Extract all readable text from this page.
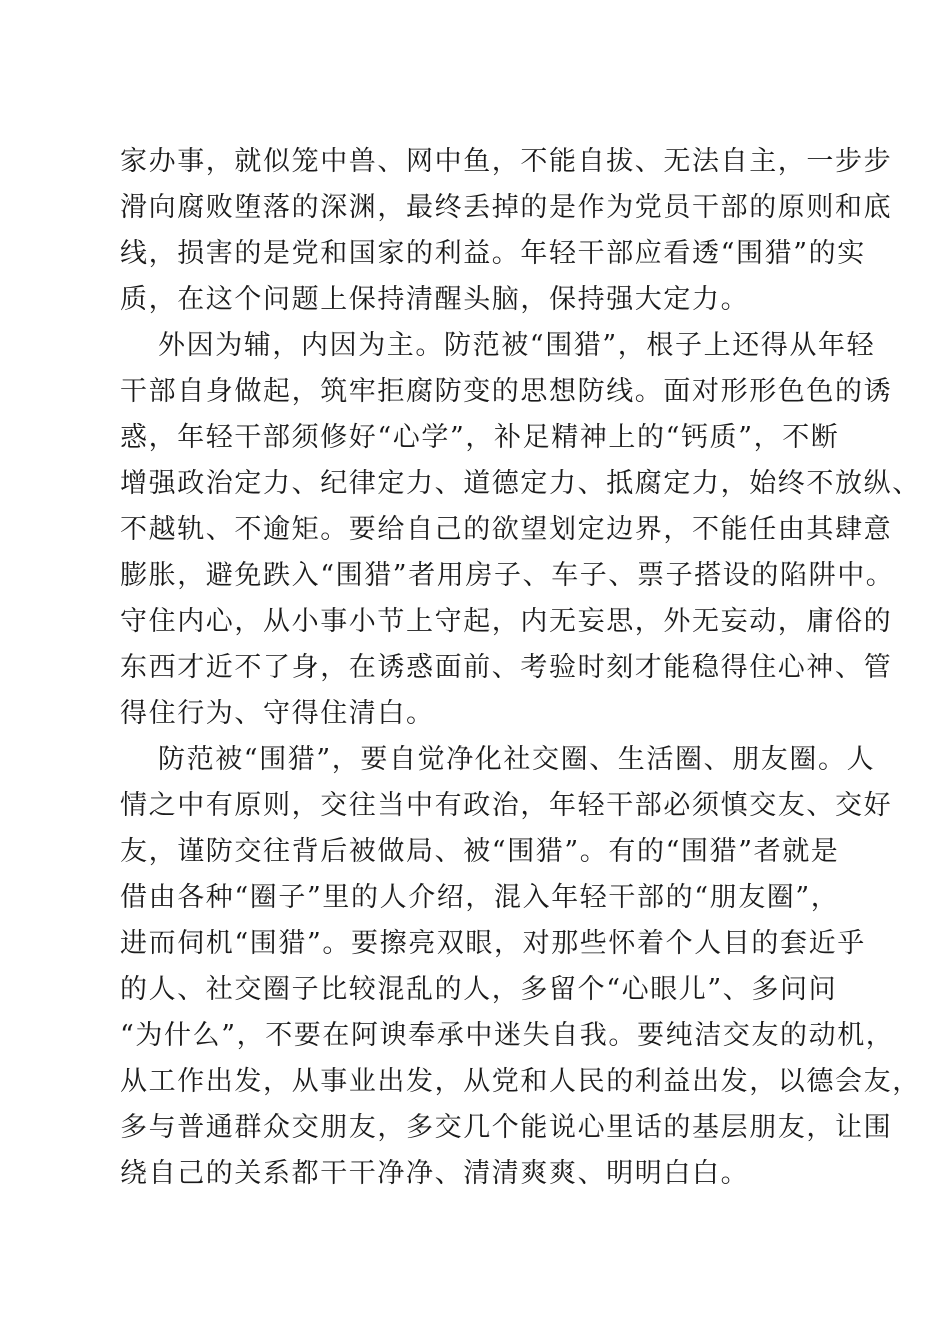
家办事，就似笼中兽、网中鱼，不能自拔、无法自主，一步步
滑向腐败堕落的深渊，最终丢掉的是作为党员干部的原则和底
线，损害的是党和国家的利益。年轻干部应看透“围猎”的实
质，在这个问题上保持清醒头脑，保持强大定力。
外因为辅，内因为主。防范被“围猎”，根子上还得从年轻
干部自身做起，筑牢拒腐防变的思想防线。面对形形色色的诱
惑，年轻干部须修好“心学”，补足精神上的“钙质”，不断
增强政治定力、纪律定力、道德定力、抵腐定力，始终不放纵、
不越轨、不逾矩。要给自己的欲望划定边界，不能任由其肆意
膨胀，避免跌入“围猎”者用房子、车子、票子搭设的陷阱中。
守住内心，从小事小节上守起，内无妄思，外无妄动，庸俗的
东西才近不了身，在诱惑面前、考验时刻才能稳得住心神、管
得住行为、守得住清白。
防范被“围猎”，要自觉净化社交圈、生活圈、朋友圈。人
情之中有原则，交往当中有政治，年轻干部必须慎交友、交好
友，谨防交往背后被做局、被“围猎”。有的“围猎”者就是
借由各种“圈子”里的人介绍，混入年轻干部的“朋友圈”，
进而伺机“围猎”。要擦亮双眼，对那些怀着个人目的套近乎
的人、社交圈子比较混乱的人，多留个“心眼儿”、多问问
“为什么”，不要在阿谀奉承中迷失自我。要纯洁交友的动机，
从工作出发，从事业出发，从党和人民的利益出发，以德会友，
多与普通群众交朋友，多交几个能说心里话的基层朋友，让围
绕自己的关系都干干净净、清清爽爽、明明白白。
